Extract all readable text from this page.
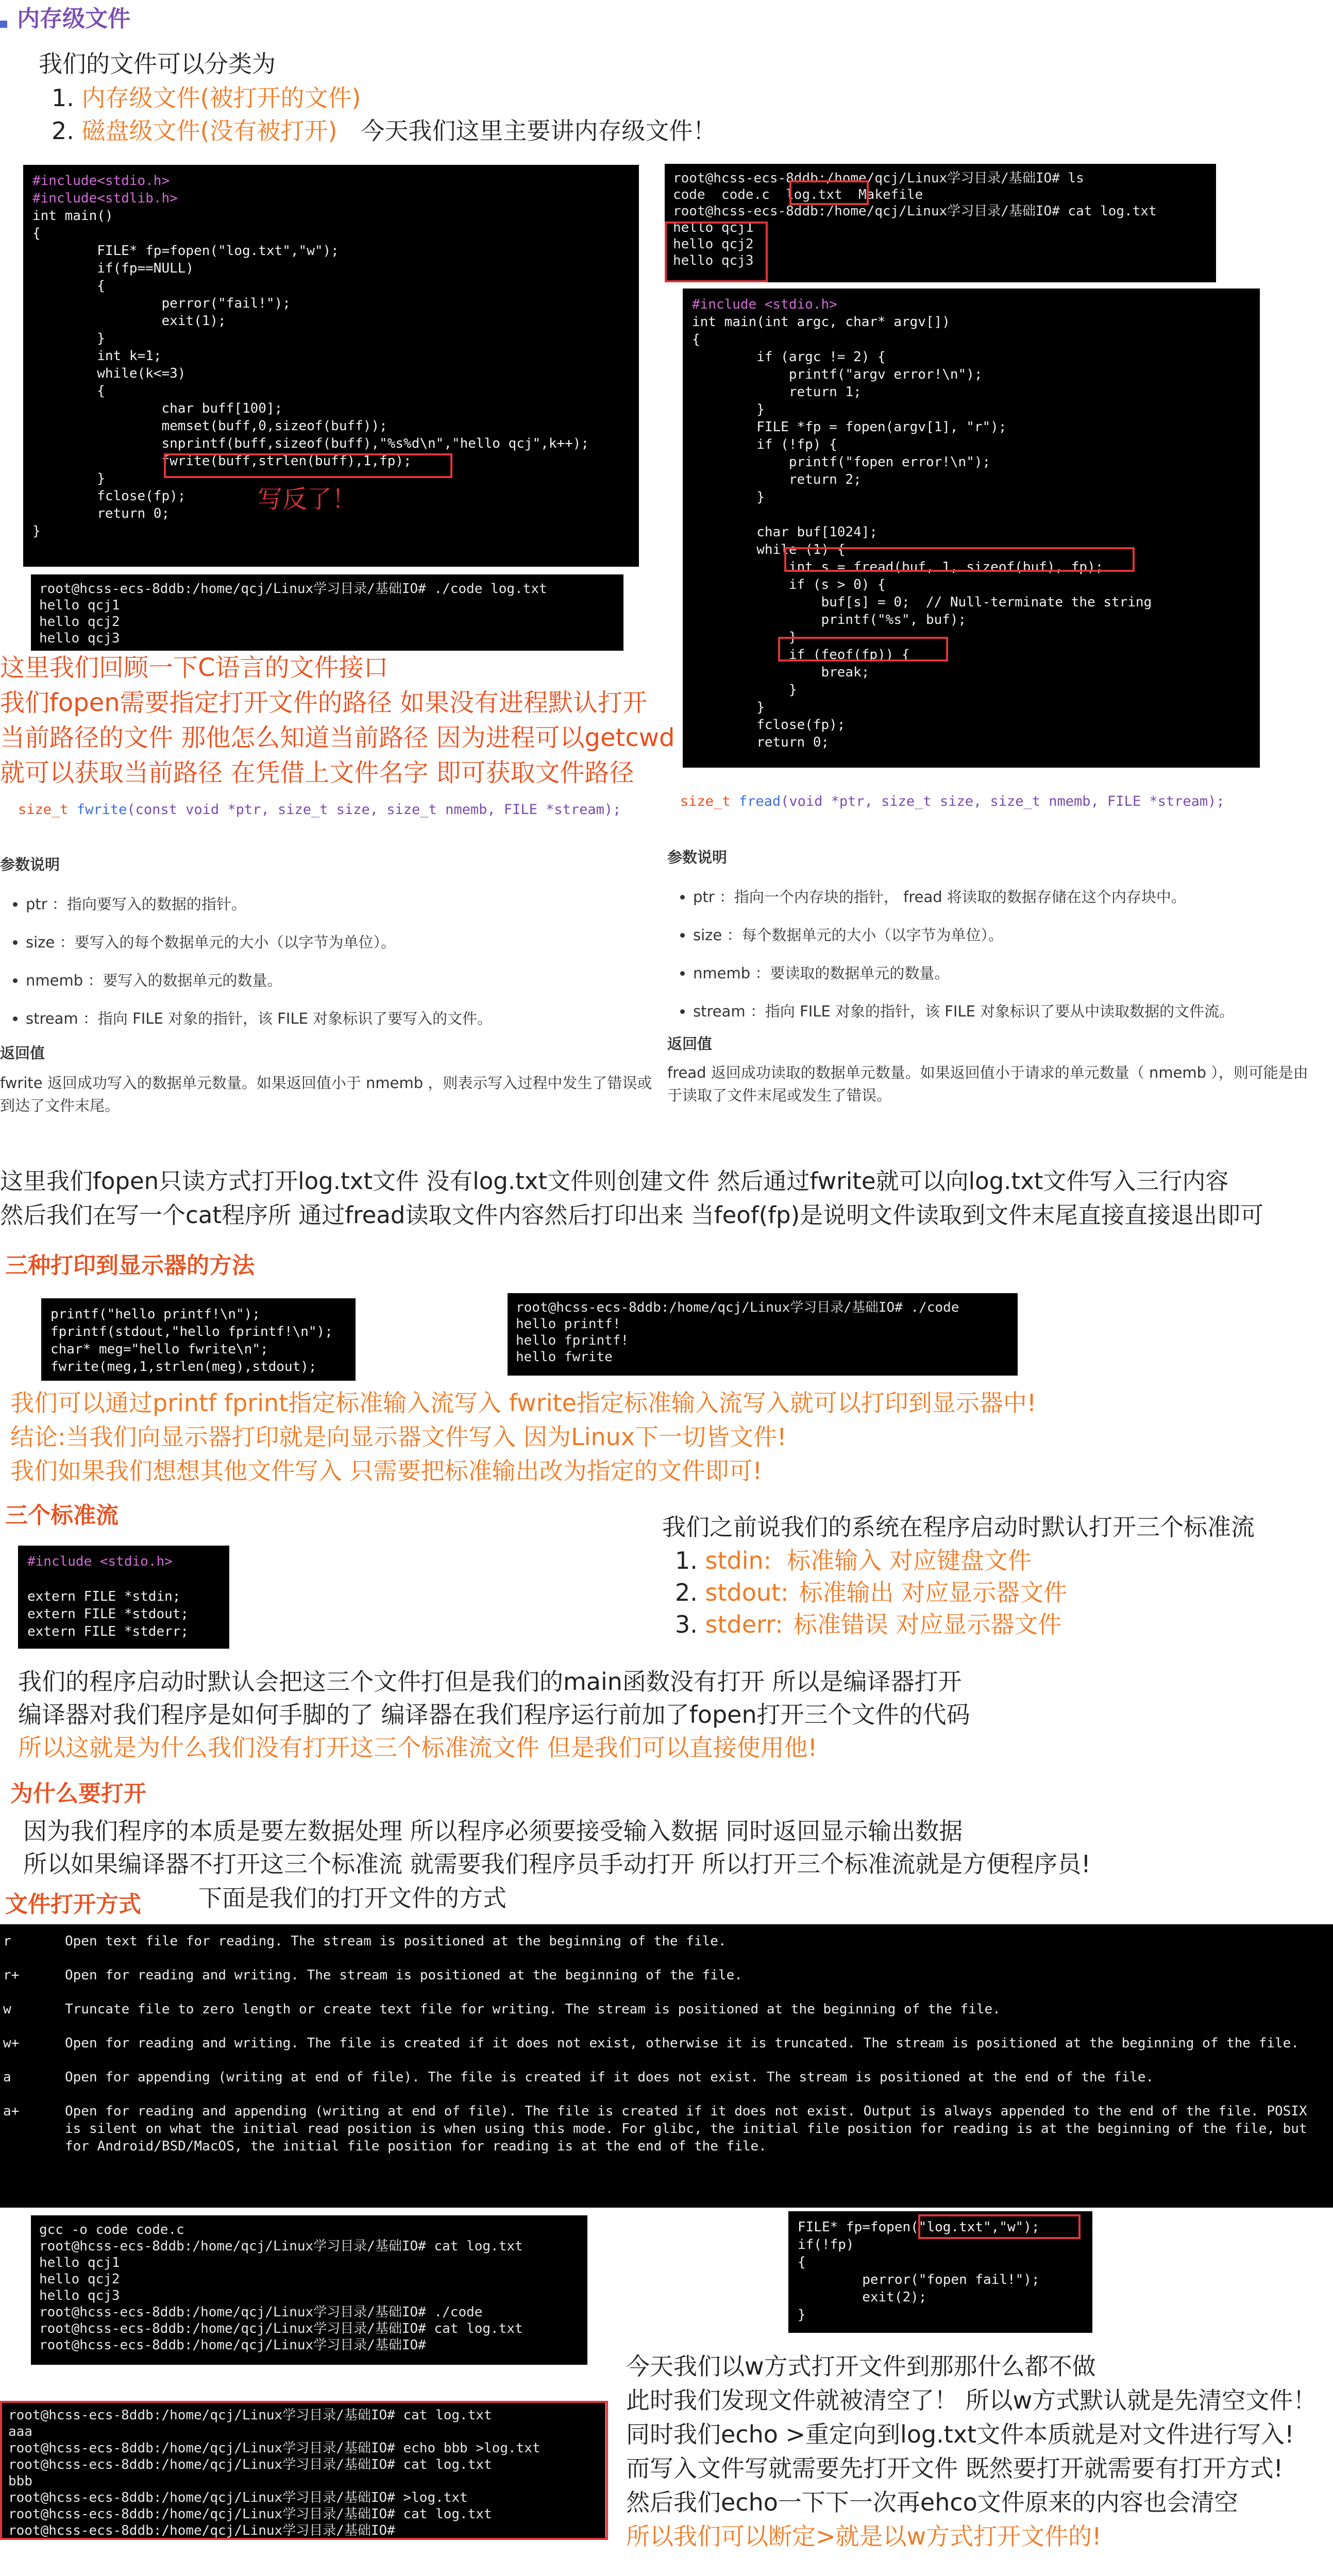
内存级文件
我们的文件可以分类为
1. 内存级文件(被打开的文件)
2. 磁盘级文件(没有被打开) 今天我们这里主要讲内存级文件！
#include<stdio.h>
#include<stdlib.h>
int main()
{
FILE* fp=fopen("log.txt","w");
if(fp==NULL)
{
perror("fail!");
exit(1);
}
int k=1;
while(k<=3)
{
char buff[100];
memset(buff,0,sizeof(buff));
snprintf(buff,sizeof(buff),"%s%d\n","hello qcj",k++);
fwrite(buff,strlen(buff),1,fp);
}
fclose(fp);
return 0;
}
写反了！
root@hcss-ecs-8ddb:/home/qcj/Linux学习目录/基础IO# ls
code  code.c  log.txt  Makefile
root@hcss-ecs-8ddb:/home/qcj/Linux学习目录/基础IO# cat log.txt
hello qcj1
hello qcj2
hello qcj3
#include <stdio.h>
int main(int argc, char* argv[])
{
if (argc != 2) {
printf("argv error!\n");
return 1;
}
FILE *fp = fopen(argv[1], "r");
if (!fp) {
printf("fopen error!\n");
return 2;
}

char buf[1024];
while (1) {
int s = fread(buf, 1, sizeof(buf), fp);
if (s > 0) {
buf[s] = 0;  // Null-terminate the string
printf("%s", buf);
}
if (feof(fp)) {
break;
}
}
fclose(fp);
return 0;
root@hcss-ecs-8ddb:/home/qcj/Linux学习目录/基础IO# ./code log.txt
hello qcj1
hello qcj2
hello qcj3
这里我们回顾一下C语言的文件接口
我们fopen需要指定打开文件的路径 如果没有进程默认打开
当前路径的文件 那他怎么知道当前路径 因为进程可以getcwd
就可以获取当前路径 在凭借上文件名字 即可获取文件路径
size_t fwrite(const void *ptr, size_t size, size_t nmemb, FILE *stream);
参数说明
• ptr ：指向要写入的数据的指针。
• size ：要写入的每个数据单元的大小（以字节为单位）。
• nmemb ：要写入的数据单元的数量。
• stream ：指向 FILE 对象的指针，该 FILE 对象标识了要写入的文件。
返回值
fwrite 返回成功写入的数据单元数量。如果返回值小于 nmemb ，则表示写入过程中发生了错误或到达了文件末尾。
size_t fread(void *ptr, size_t size, size_t nmemb, FILE *stream);
参数说明
• ptr ：指向一个内存块的指针， fread 将读取的数据存储在这个内存块中。
• size ：每个数据单元的大小（以字节为单位）。
• nmemb ：要读取的数据单元的数量。
• stream ：指向 FILE 对象的指针，该 FILE 对象标识了要从中读取数据的文件流。
返回值
fread 返回成功读取的数据单元数量。如果返回值小于请求的单元数量（ nmemb ），则可能是由于读取了文件末尾或发生了错误。
这里我们fopen只读方式打开log.txt文件 没有log.txt文件则创建文件 然后通过fwrite就可以向log.txt文件写入三行内容
然后我们在写一个cat程序所 通过fread读取文件内容然后打印出来 当feof(fp)是说明文件读取到文件末尾直接直接退出即可
三种打印到显示器的方法
printf("hello printf!\n");
fprintf(stdout,"hello fprintf!\n");
char* meg="hello fwrite\n";
fwrite(meg,1,strlen(meg),stdout);
root@hcss-ecs-8ddb:/home/qcj/Linux学习目录/基础IO# ./code
hello printf!
hello fprintf!
hello fwrite
我们可以通过printf fprint指定标准输入流写入 fwrite指定标准输入流写入就可以打印到显示器中!
结论:当我们向显示器打印就是向显示器文件写入 因为Linux下一切皆文件!
我们如果我们想想其他文件写入 只需要把标准输出改为指定的文件即可!
三个标准流
#include <stdio.h>

extern FILE *stdin;
extern FILE *stdout;
extern FILE *stderr;
我们之前说我们的系统在程序启动时默认打开三个标准流
1. stdin: 标准输入 对应键盘文件
2. stdout: 标准输出 对应显示器文件
3. stderr: 标准错误 对应显示器文件
我们的程序启动时默认会把这三个文件打但是我们的main函数没有打开 所以是编译器打开
编译器对我们程序是如何手脚的了 编译器在我们程序运行前加了fopen打开三个文件的代码
所以这就是为什么我们没有打开这三个标准流文件 但是我们可以直接使用他!
为什么要打开
因为我们程序的本质是要左数据处理 所以程序必须要接受输入数据 同时返回显示输出数据
所以如果编译器不打开这三个标准流 就需要我们程序员手动打开 所以打开三个标准流就是方便程序员!
文件打开方式 下面是我们的打开文件的方式
r	Open text file for reading. The stream is positioned at the beginning of the file.
r+	Open for reading and writing. The stream is positioned at the beginning of the file.
w	Truncate file to zero length or create text file for writing. The stream is positioned at the beginning of the file.
w+	Open for reading and writing. The file is created if it does not exist, otherwise it is truncated. The stream is positioned at the beginning of the file.
a	Open for appending (writing at end of file). The file is created if it does not exist. The stream is positioned at the end of the file.
a+	Open for reading and appending (writing at end of file). The file is created if it does not exist. Output is always appended to the end of the file. POSIX is silent on what the initial read position is when using this mode. For glibc, the initial file position for reading is at the beginning of the file, but for Android/BSD/MacOS, the initial file position for reading is at the end of the file.
gcc -o code code.c
root@hcss-ecs-8ddb:/home/qcj/Linux学习目录/基础IO# cat log.txt
hello qcj1
hello qcj2
hello qcj3
root@hcss-ecs-8ddb:/home/qcj/Linux学习目录/基础IO# ./code
root@hcss-ecs-8ddb:/home/qcj/Linux学习目录/基础IO# cat log.txt
root@hcss-ecs-8ddb:/home/qcj/Linux学习目录/基础IO#
FILE* fp=fopen("log.txt","w");
if(!fp)
{
perror("fopen fail!");
exit(2);
}
root@hcss-ecs-8ddb:/home/qcj/Linux学习目录/基础IO# cat log.txt
aaa
root@hcss-ecs-8ddb:/home/qcj/Linux学习目录/基础IO# echo bbb >log.txt
root@hcss-ecs-8ddb:/home/qcj/Linux学习目录/基础IO# cat log.txt
bbb
root@hcss-ecs-8ddb:/home/qcj/Linux学习目录/基础IO# >log.txt
root@hcss-ecs-8ddb:/home/qcj/Linux学习目录/基础IO# cat log.txt
root@hcss-ecs-8ddb:/home/qcj/Linux学习目录/基础IO#
今天我们以w方式打开文件到那那什么都不做
此时我们发现文件就被清空了！ 所以w方式默认就是先清空文件！
同时我们echo >重定向到log.txt文件本质就是对文件进行写入!
而写入文件写就需要先打开文件 既然要打开就需要有打开方式!
然后我们echo一下下一次再ehco文件原来的内容也会清空
所以我们可以断定>就是以w方式打开文件的!
